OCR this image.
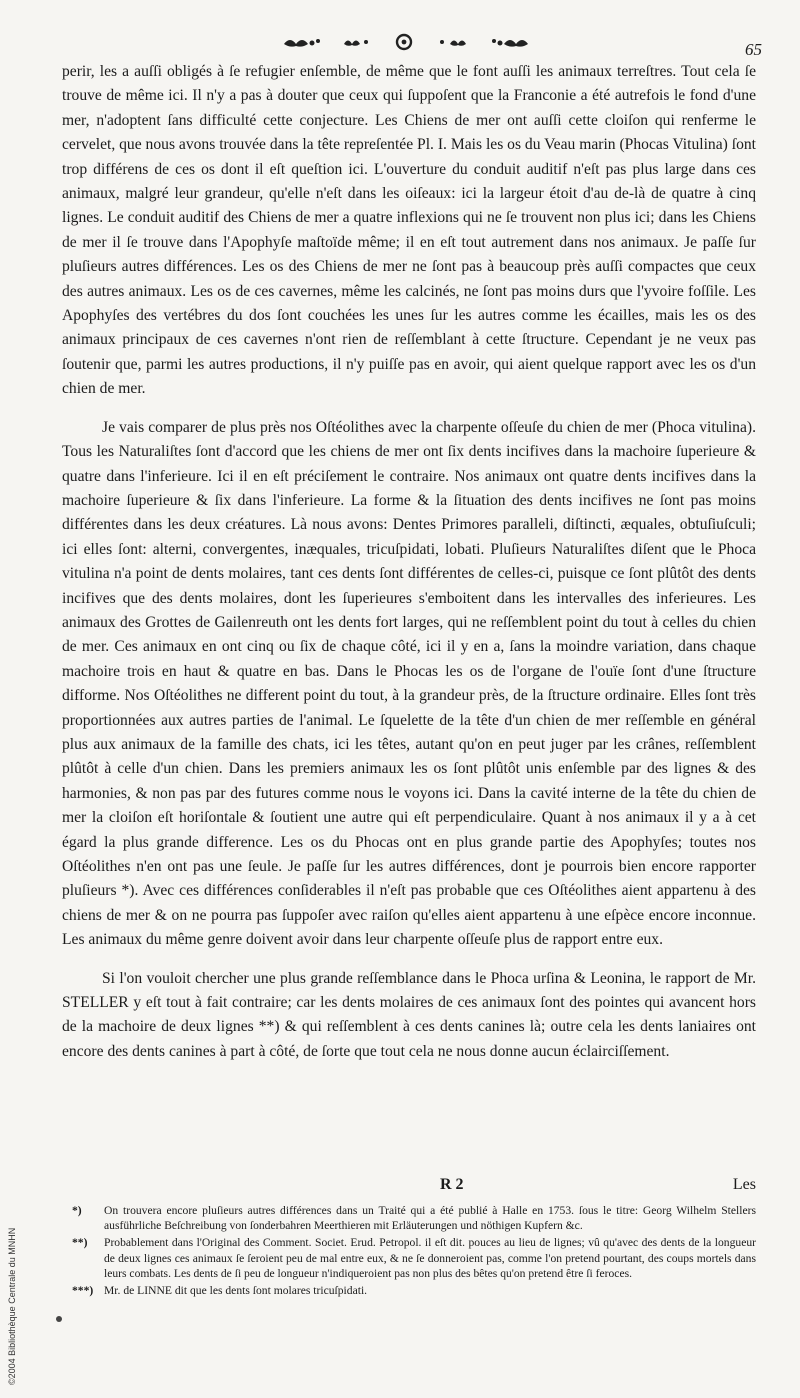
65

perir, les a auſſi obligés à ſe refugier enſemble, de même que le font auſſi les animaux terreſtres. Tout cela ſe trouve de même ici. Il n'y a pas à douter que ceux qui ſuppoſent que la Franconie a été autrefois le fond d'une mer, n'adoptent ſans difficulté cette conjecture. Les Chiens de mer ont auſſi cette cloiſon qui renferme le cervelet, que nous avons trouvée dans la tête repreſentée Pl. I. Mais les os du Veau marin (Phocas Vitulina) ſont trop différens de ces os dont il eſt queſtion ici. L'ouverture du conduit auditif n'eſt pas plus large dans ces animaux, malgré leur grandeur, qu'elle n'eſt dans les oiſeaux: ici la largeur étoit d'au de-là de quatre à cinq lignes. Le conduit auditif des Chiens de mer a quatre inflexions qui ne ſe trouvent non plus ici; dans les Chiens de mer il ſe trouve dans l'Apophyſe maſtoïde même; il en eſt tout autrement dans nos animaux. Je paſſe ſur pluſieurs autres différences. Les os des Chiens de mer ne ſont pas à beaucoup près auſſi compactes que ceux des autres animaux. Les os de ces cavernes, même les calcinés, ne ſont pas moins durs que l'yvoire foſſile. Les Apophyſes des vertébres du dos ſont couchées les unes ſur les autres comme les écailles, mais les os des animaux principaux de ces cavernes n'ont rien de reſſemblant à cette ſtructure. Cependant je ne veux pas ſoutenir que, parmi les autres productions, il n'y puiſſe pas en avoir, qui aient quelque rapport avec les os d'un chien de mer.

Je vais comparer de plus près nos Oſtéolithes avec la charpente oſſeuſe du chien de mer (Phoca vitulina). Tous les Naturaliſtes ſont d'accord que les chiens de mer ont ſix dents incifives dans la machoire ſuperieure & quatre dans l'inferieure. Ici il en eſt préciſement le contraire. Nos animaux ont quatre dents incifives dans la machoire ſuperieure & ſix dans l'inferieure. La forme & la ſituation des dents incifives ne ſont pas moins différentes dans les deux créatures. Là nous avons: Dentes Primores paralleli, diſtincti, æquales, obtuſiuſculi; ici elles ſont: alterni, convergentes, inæquales, tricuſpidati, lobati. Pluſieurs Naturaliſtes diſent que le Phoca vitulina n'a point de dents molaires, tant ces dents ſont différentes de celles-ci, puisque ce ſont plûtôt des dents incifives que des dents molaires, dont les ſuperieures s'emboitent dans les intervalles des inferieures. Les animaux des Grottes de Gailenreuth ont les dents fort larges, qui ne reſſemblent point du tout à celles du chien de mer. Ces animaux en ont cinq ou ſix de chaque côté, ici il y en a, ſans la moindre variation, dans chaque machoire trois en haut & quatre en bas. Dans le Phocas les os de l'organe de l'ouïe ſont d'une ſtructure difforme. Nos Oſtéolithes ne different point du tout, à la grandeur près, de la ſtructure ordinaire. Elles ſont très proportionnées aux autres parties de l'animal. Le ſquelette de la tête d'un chien de mer reſſemble en général plus aux animaux de la famille des chats, ici les têtes, autant qu'on en peut juger par les crânes, reſſemblent plûtôt à celle d'un chien. Dans les premiers animaux les os ſont plûtôt unis enſemble par des lignes & des harmonies, & non pas par des futures comme nous le voyons ici. Dans la cavité interne de la tête du chien de mer la cloiſon eſt horiſontale & ſoutient une autre qui eſt perpendiculaire. Quant à nos animaux il y a à cet égard la plus grande difference. Les os du Phocas ont en plus grande partie des Apophyſes; toutes nos Oſtéolithes n'en ont pas une ſeule. Je paſſe ſur les autres différences, dont je pourrois bien encore rapporter pluſieurs *). Avec ces différences conſiderables il n'eſt pas probable que ces Oſtéolithes aient appartenu à des chiens de mer & on ne pourra pas ſuppoſer avec raiſon qu'elles aient appartenu à une eſpèce encore inconnue. Les animaux du même genre doivent avoir dans leur charpente oſſeuſe plus de rapport entre eux.

Si l'on vouloit chercher une plus grande reſſemblance dans le Phoca urſina & Leonina, le rapport de Mr. STELLER y eſt tout à fait contraire; car les dents molaires de ces animaux ſont des pointes qui avancent hors de la machoire de deux lignes **) & qui reſſemblent à ces dents canines là; outre cela les dents laniaires ont encore des dents canines à part à côté, de ſorte que tout cela ne nous donne aucun éclairciſſement.

R 2	Les

*) On trouvera encore pluſieurs autres différences dans un Traité qui a été publié à Halle en 1753. ſous le titre: Georg Wilhelm Stellers ausführliche Beſchreibung von ſonderbahren Meerthieren mit Erläuterungen und nöthigen Kupfern &c.

**) Probablement dans l'Original des Comment. Societ. Erud. Petropol. il eſt dit. pouces au lieu de lignes; vû qu'avec des dents de la longueur de deux lignes ces animaux ſe ſeroient peu de mal entre eux, & ne ſe donneroient pas, comme l'on pretend pourtant, des coups mortels dans leurs combats. Les dents de ſi peu de longueur n'indiqueroient pas non plus des bêtes qu'on pretend être ſi feroces.

***) Mr. de LINNE dit que les dents ſont molares tricuſpidati.

©2004 Bibliothèque Centrale du MNHN
